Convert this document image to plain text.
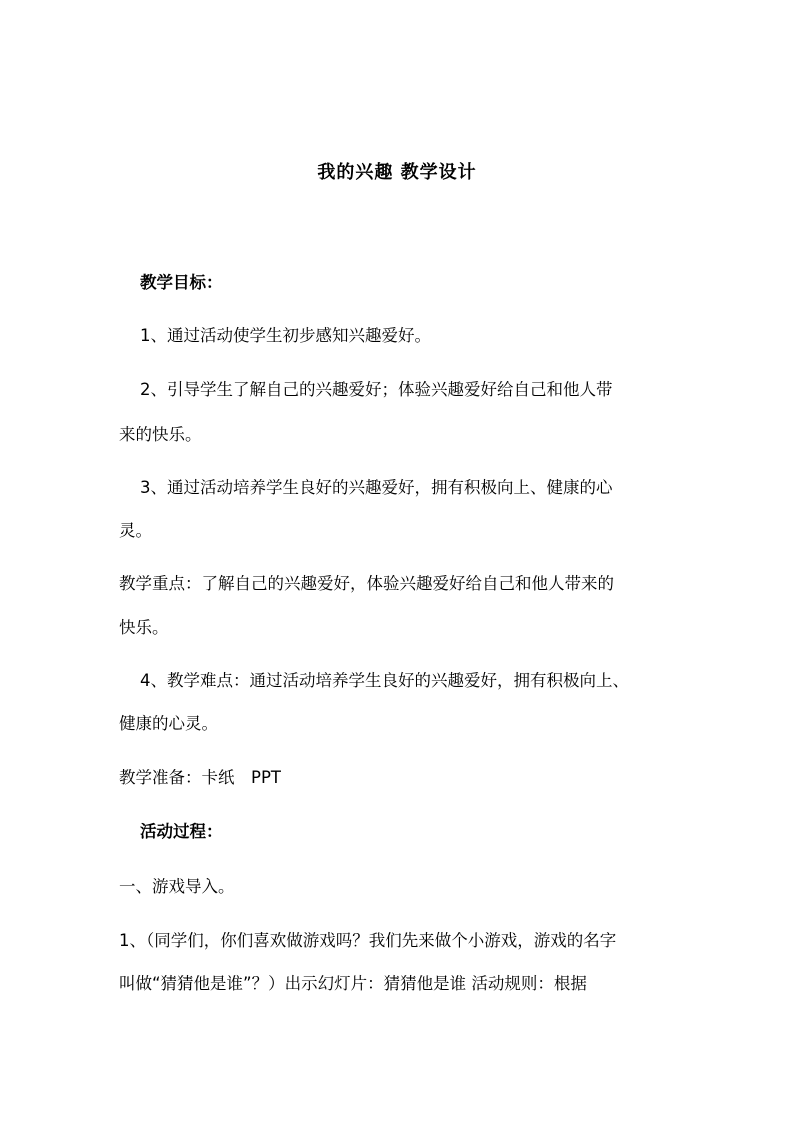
我的兴趣 教学设计
教学目标：
1、通过活动使学生初步感知兴趣爱好。
2、引导学生了解自己的兴趣爱好；体验兴趣爱好给自己和他人带
来的快乐。
3、通过活动培养学生良好的兴趣爱好，拥有积极向上、健康的心
灵。
教学重点：了解自己的兴趣爱好，体验兴趣爱好给自己和他人带来的
快乐。
4、教学难点：通过活动培养学生良好的兴趣爱好，拥有积极向上、
健康的心灵。
教学准备：卡纸　PPT
活动过程：
一、游戏导入。
1、（同学们，你们喜欢做游戏吗？我们先来做个小游戏，游戏的名字
叫做“猜猜他是谁”？）出示幻灯片：猜猜他是谁 活动规则：根据
